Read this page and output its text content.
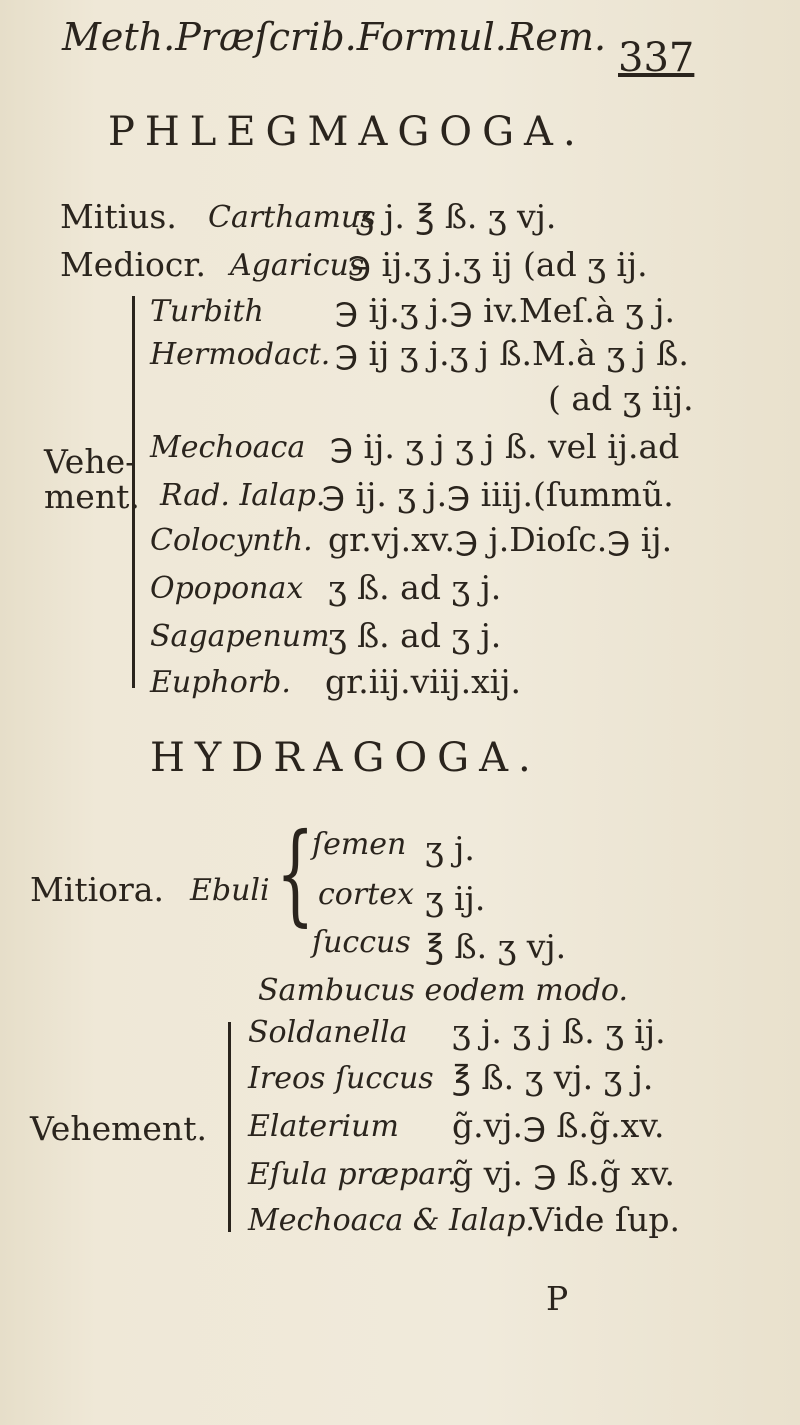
Meth.Præſcrib.Formul.Rem. 337
PHLEGMAGOGA.
Mitius. Carthamus
ʒ j. ℥ ß. ʒ vj.
Mediocr. Agaricus
℈ ij.ʒ j.ʒ ij (ad ʒ ij.
Vehe-
ment.
Turbith ℈ ij.ʒ j.℈ iv.Meſ.à ʒ j.
Hermodact. ℈ ij ʒ j.ʒ j ß.M.à ʒ j ß.
( ad ʒ iij.
Mechoaca ℈ ij. ʒ j ʒ j ß. vel ij.ad
Rad. Ialap.
℈ ij. ʒ j.℈ iiij.(ſummũ.
Colocynth. gr.vj.xv.℈ j.Dioſc.℈ ij.
Opoponax ʒ ß. ad ʒ j.
Sagapenum
ʒ ß. ad ʒ j.
Euphorb. gr.iij.viij.xij.
HYDRAGOGA.
Mitiora. Ebuli {
ſemen ʒ j.
cortex ʒ ij.
ſuccus ℥ ß. ʒ vj.
Sambucus eodem modo.
Vehement.
Soldanella ʒ j. ʒ j ß. ʒ ij.
Ireos ſuccus ℥ ß. ʒ vj. ʒ j.
Elaterium g̃.vj.℈ ß.g̃.xv.
Eſula præpar.
g̃ vj. ℈ ß.g̃ xv.
Mechoaca & Ialap.
Vide ſup.
P
